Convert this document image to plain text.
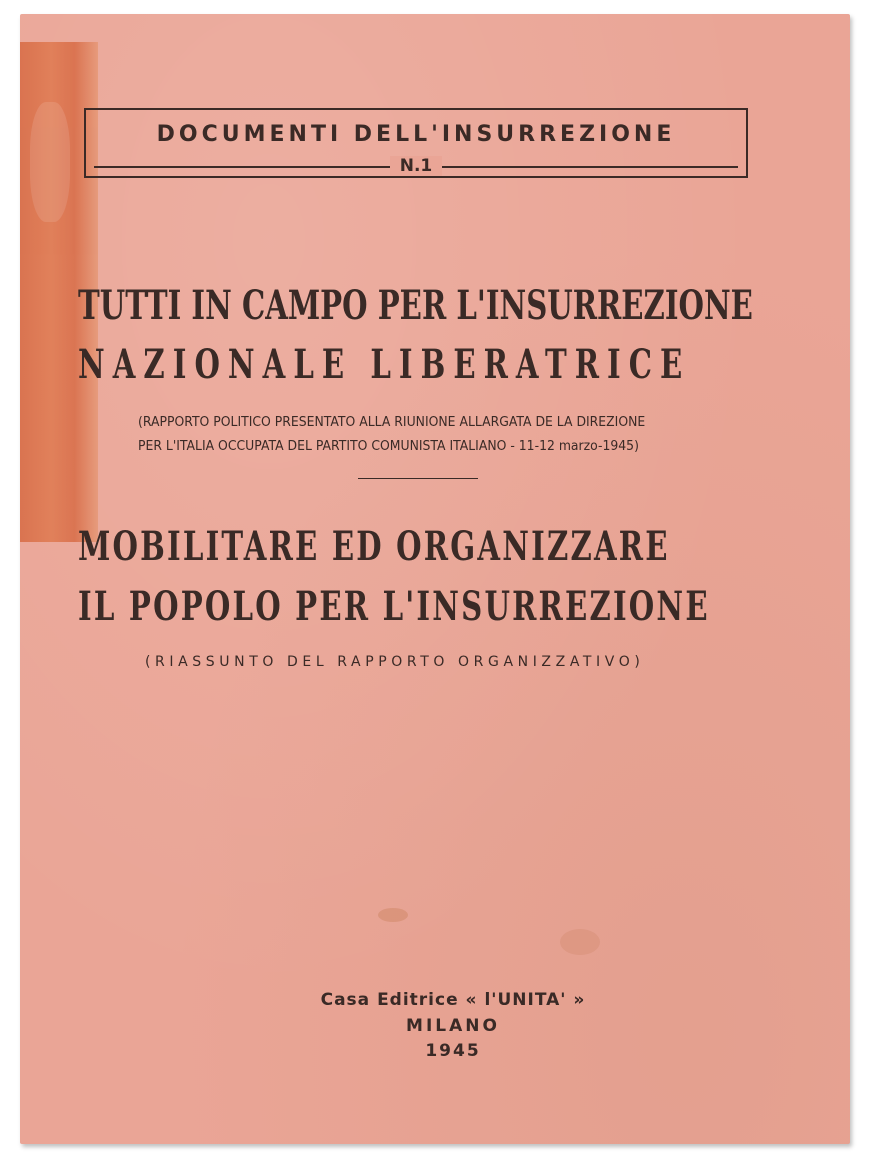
DOCUMENTI DELL'INSURREZIONE
N.1
TUTTI IN CAMPO PER L'INSURREZIONE
NAZIONALE LIBERATRICE
(RAPPORTO POLITICO PRESENTATO ALLA RIUNIONE ALLARGATA DE LA DIREZIONE
PER L'ITALIA OCCUPATA DEL PARTITO COMUNISTA ITALIANO - 11-12 marzo-1945)
MOBILITARE ED ORGANIZZARE
IL POPOLO PER L'INSURREZIONE
(RIASSUNTO DEL RAPPORTO ORGANIZZATIVO)
Casa Editrice « l'UNITA' »
MILANO
1945
